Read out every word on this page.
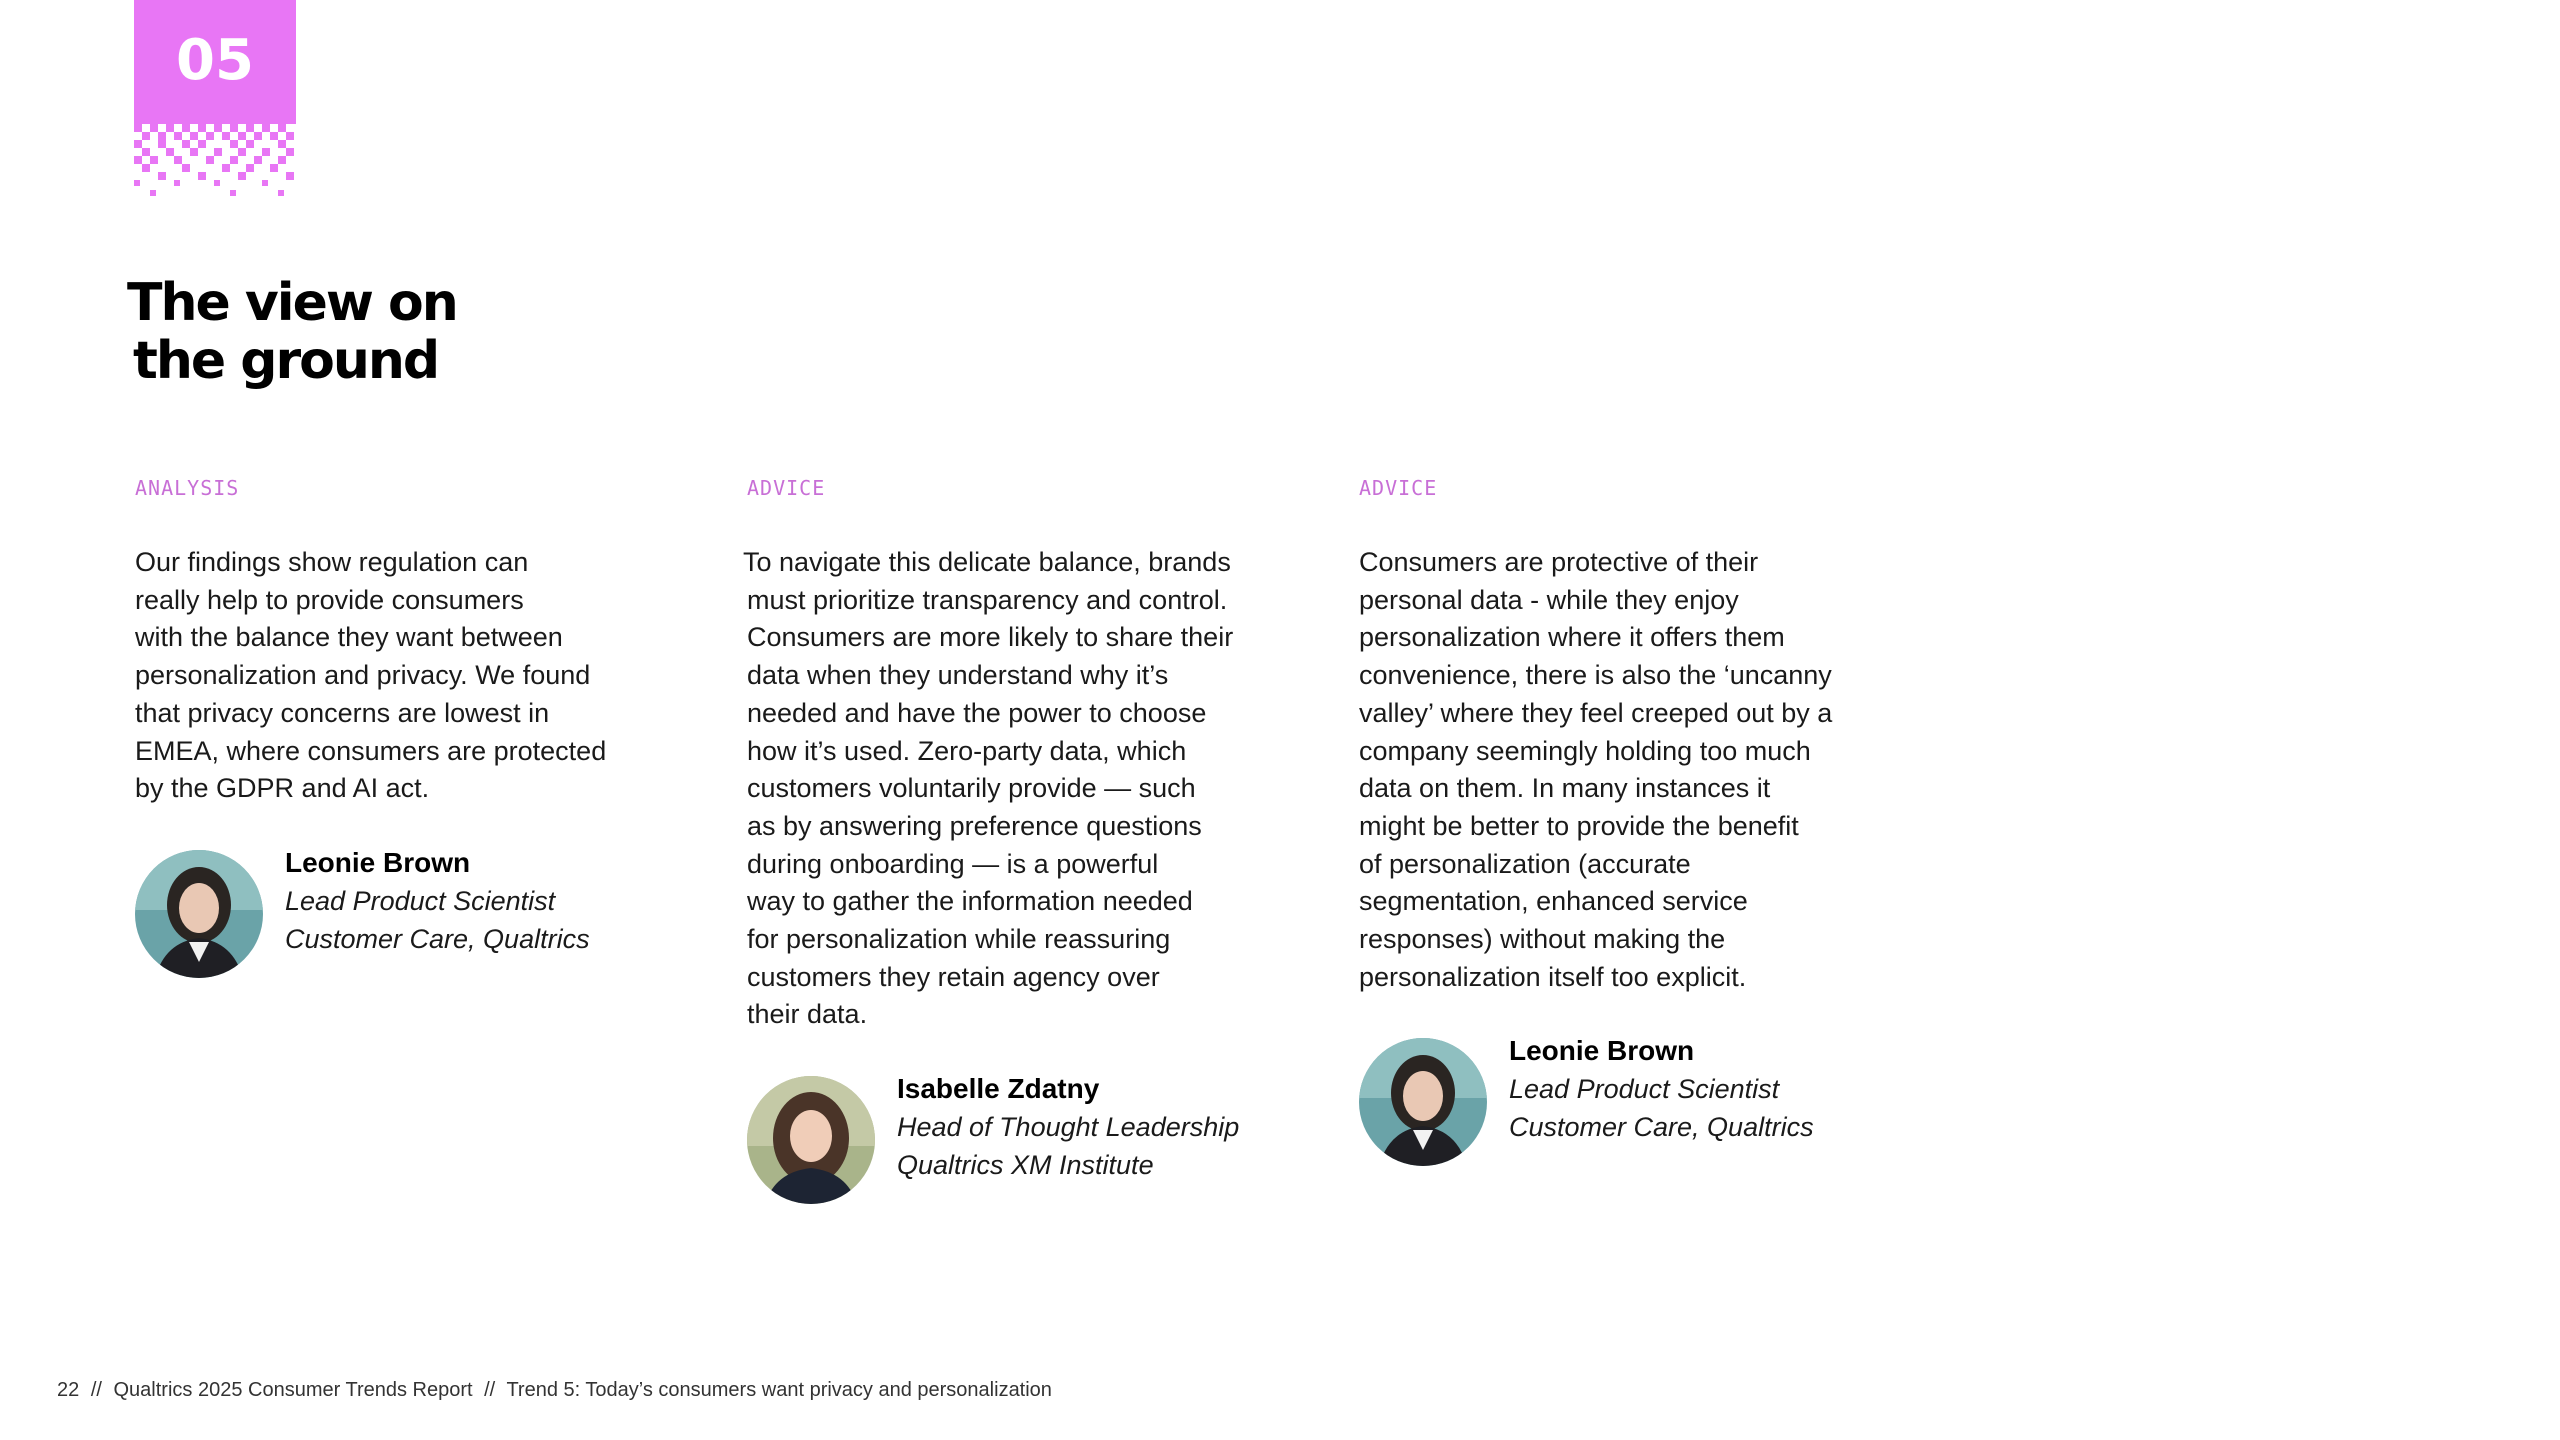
05
The view on
the ground
ANALYSIS
Our findings show regulation can
really help to provide consumers
with the balance they want between
personalization and privacy. We found
that privacy concerns are lowest in
EMEA, where consumers are protected
by the GDPR and AI act.
Leonie Brown
Lead Product Scientist
Customer Care, Qualtrics
ADVICE
To navigate this delicate balance, brands
must prioritize transparency and control.
Consumers are more likely to share their
data when they understand why it’s
needed and have the power to choose
how it’s used. Zero-party data, which
customers voluntarily provide — such
as by answering preference questions
during onboarding — is a powerful
way to gather the information needed
for personalization while reassuring
customers they retain agency over
their data.
Isabelle Zdatny
Head of Thought Leadership
Qualtrics XM Institute
ADVICE
Consumers are protective of their
personal data - while they enjoy
personalization where it offers them
convenience, there is also the ‘uncanny
valley’ where they feel creeped out by a
company seemingly holding too much
data on them. In many instances it
might be better to provide the benefit
of personalization (accurate
segmentation, enhanced service
responses) without making the
personalization itself too explicit.
Leonie Brown
Lead Product Scientist
Customer Care, Qualtrics
22 // Qualtrics 2025 Consumer Trends Report // Trend 5: Today’s consumers want privacy and personalization
